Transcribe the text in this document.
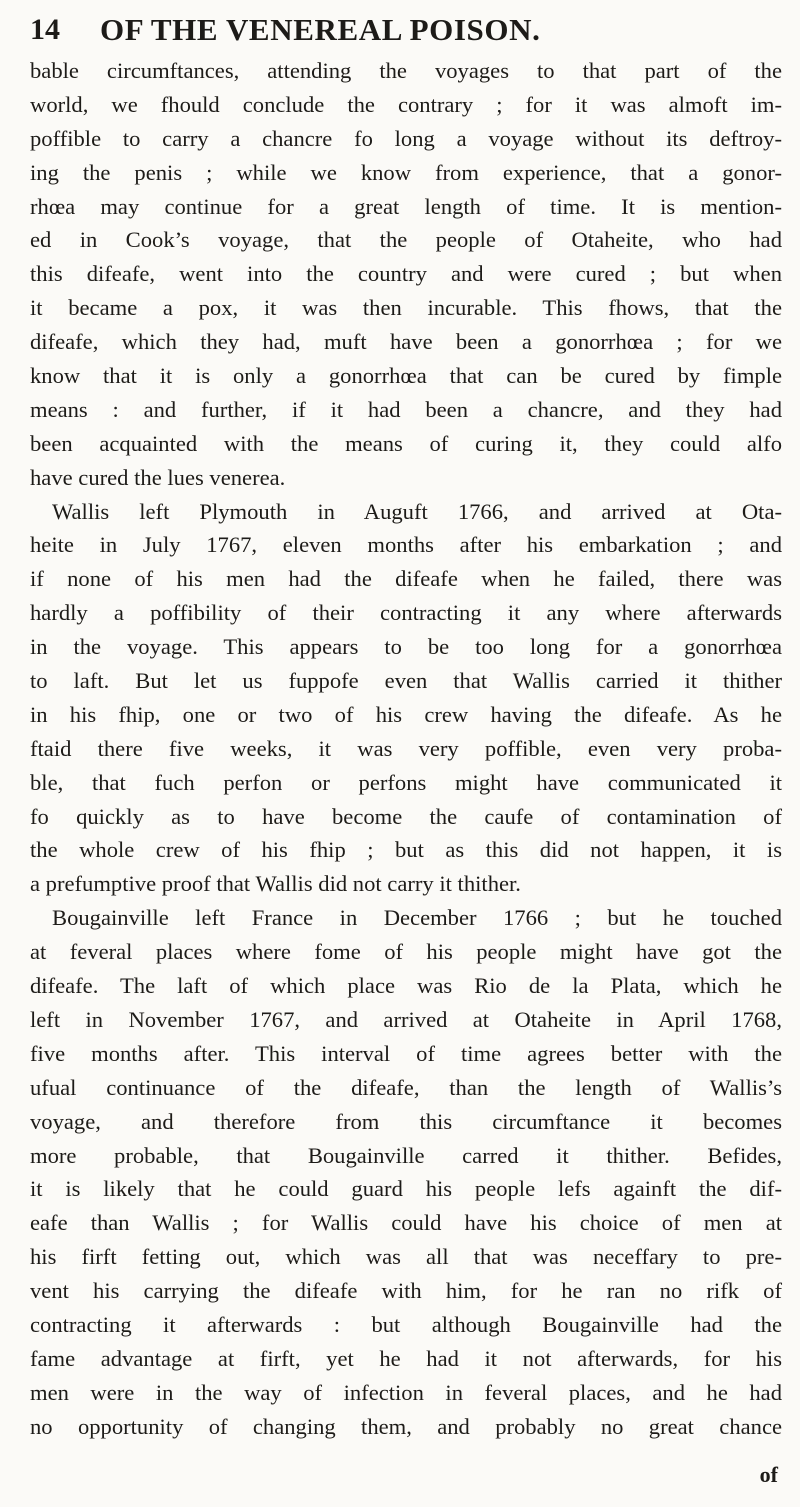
14 OF THE VENEREAL POISON.
bable circumftances, attending the voyages to that part of the
world, we fhould conclude the contrary ; for it was almoft im-
poffible to carry a chancre fo long a voyage without its deftroy-
ing the penis ; while we know from experience, that a gonor-
rhœa may continue for a great length of time. It is mention-
ed in Cook’s voyage, that the people of Otaheite, who had
this difeafe, went into the country and were cured ; but when
it became a pox, it was then incurable. This fhows, that the
difeafe, which they had, muft have been a gonorrhœa ; for we
know that it is only a gonorrhœa that can be cured by fimple
means : and further, if it had been a chancre, and they had
been acquainted with the means of curing it, they could alfo
have cured the lues venerea.
Wallis left Plymouth in Auguft 1766, and arrived at Ota-
heite in July 1767, eleven months after his embarkation ; and
if none of his men had the difeafe when he failed, there was
hardly a poffibility of their contracting it any where afterwards
in the voyage. This appears to be too long for a gonorrhœa
to laft. But let us fuppofe even that Wallis carried it thither
in his fhip, one or two of his crew having the difeafe. As he
ftaid there five weeks, it was very poffible, even very proba-
ble, that fuch perfon or perfons might have communicated it
fo quickly as to have become the caufe of contamination of
the whole crew of his fhip ; but as this did not happen, it is
a prefumptive proof that Wallis did not carry it thither.
Bougainville left France in December 1766 ; but he touched
at feveral places where fome of his people might have got the
difeafe. The laft of which place was Rio de la Plata, which he
left in November 1767, and arrived at Otaheite in April 1768,
five months after. This interval of time agrees better with the
ufual continuance of the difeafe, than the length of Wallis’s
voyage, and therefore from this circumftance it becomes
more probable, that Bougainville carred it thither. Befides,
it is likely that he could guard his people lefs againft the dif-
eafe than Wallis ; for Wallis could have his choice of men at
his firft fetting out, which was all that was neceffary to pre-
vent his carrying the difeafe with him, for he ran no rifk of
contracting it afterwards : but although Bougainville had the
fame advantage at firft, yet he had it not afterwards, for his
men were in the way of infection in feveral places, and he had
no opportunity of changing them, and probably no great chance
of
